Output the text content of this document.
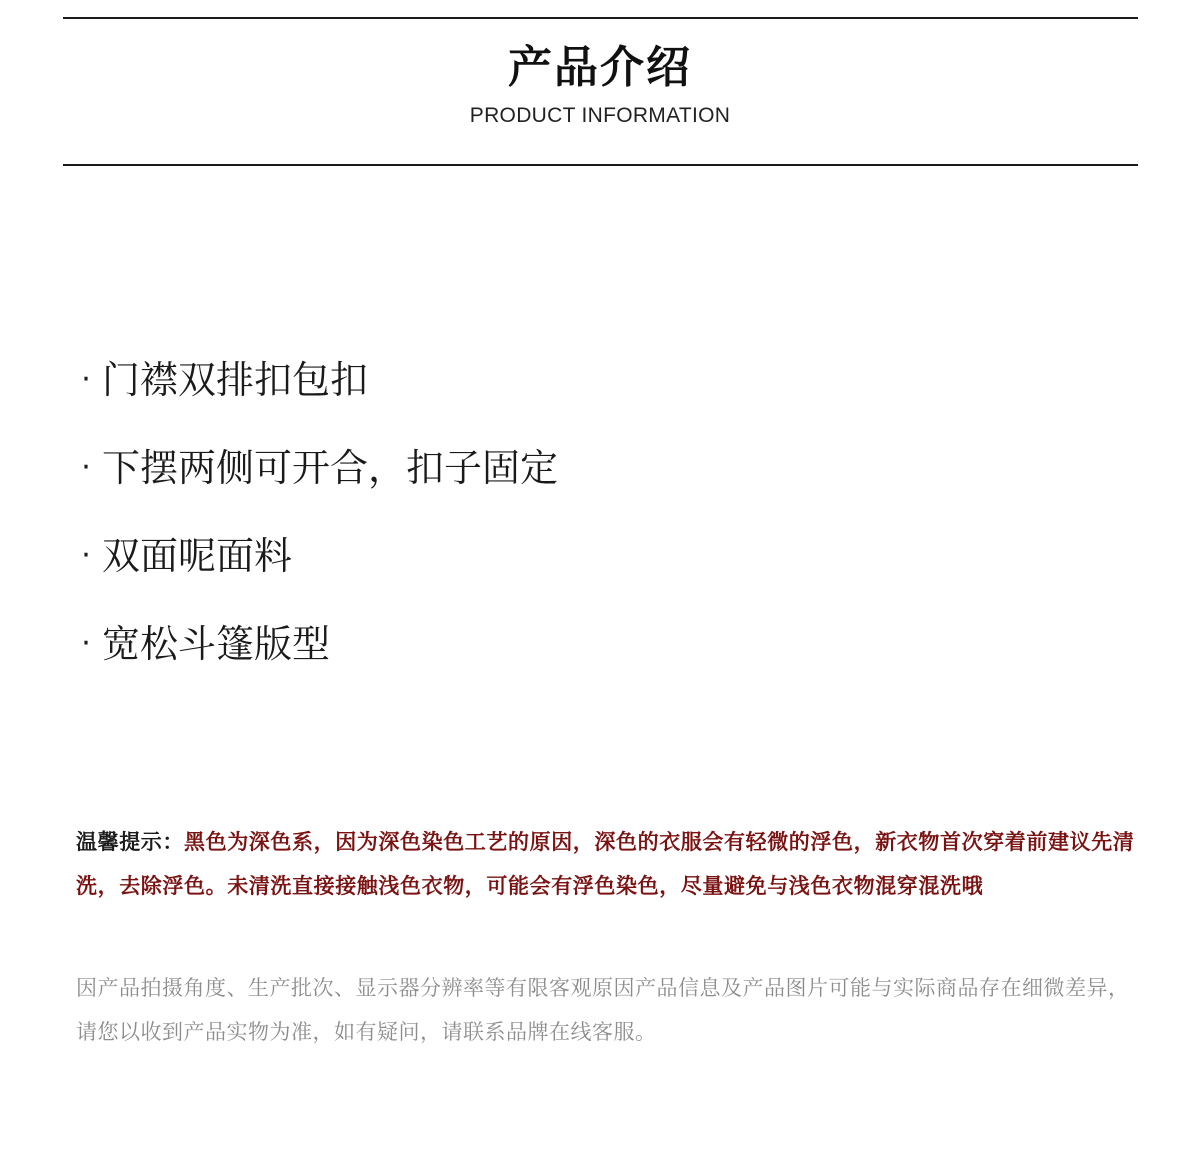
产品介绍
PRODUCT INFORMATION
· 门襟双排扣包扣
· 下摆两侧可开合，扣子固定
· 双面呢面料
· 宽松斗篷版型
温馨提示：黑色为深色系，因为深色染色工艺的原因，深色的衣服会有轻微的浮色，新衣物首次穿着前建议先清洗，去除浮色。未清洗直接接触浅色衣物，可能会有浮色染色，尽量避免与浅色衣物混穿混洗哦
因产品拍摄角度、生产批次、显示器分辨率等有限客观原因产品信息及产品图片可能与实际商品存在细微差异，请您以收到产品实物为准，如有疑问，请联系品牌在线客服。
